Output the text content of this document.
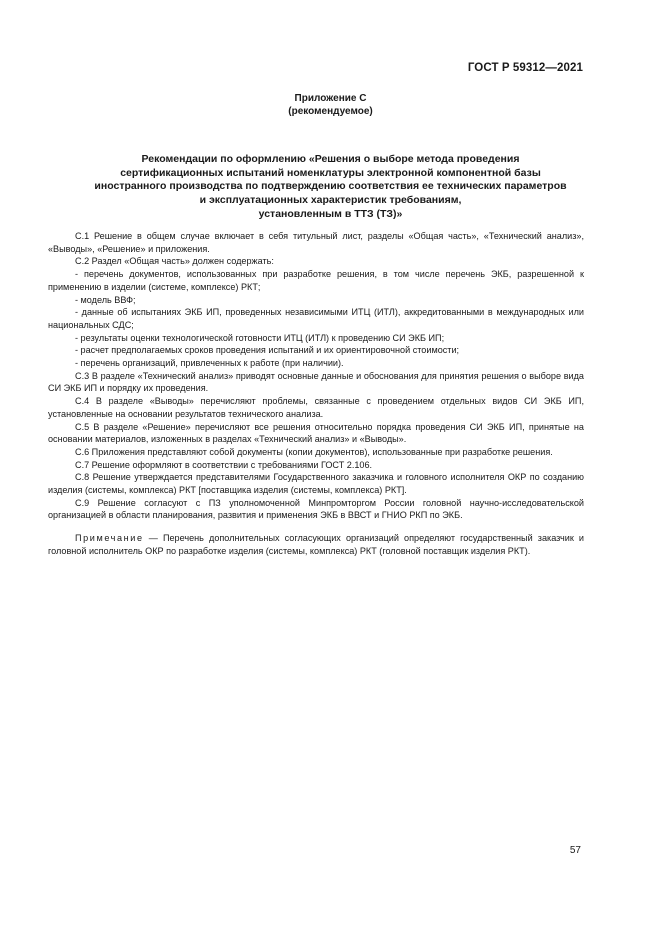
ГОСТ Р 59312—2021
Приложение С
(рекомендуемое)
Рекомендации по оформлению «Решения о выборе метода проведения
сертификационных испытаний номенклатуры электронной компонентной базы
иностранного производства по подтверждению соответствия ее технических параметров
и эксплуатационных характеристик требованиям,
установленным в ТТЗ (ТЗ)»

С.1 Решение в общем случае включает в себя титульный лист, разделы «Общая часть», «Технический анализ», «Выводы», «Решение» и приложения.

С.2 Раздел «Общая часть» должен содержать:

- перечень документов, использованных при разработке решения, в том числе перечень ЭКБ, разрешенной к применению в изделии (системе, комплексе) РКТ;

- модель ВВФ;

- данные об испытаниях ЭКБ ИП, проведенных независимыми ИТЦ (ИТЛ), аккредитованными в международных или национальных СДС;

- результаты оценки технологической готовности ИТЦ (ИТЛ) к проведению СИ ЭКБ ИП;

- расчет предполагаемых сроков проведения испытаний и их ориентировочной стоимости;

- перечень организаций, привлеченных к работе (при наличии).

С.3 В разделе «Технический анализ» приводят основные данные и обоснования для принятия решения о выборе вида СИ ЭКБ ИП и порядку их проведения.

С.4 В разделе «Выводы» перечисляют проблемы, связанные с проведением отдельных видов СИ ЭКБ ИП, установленные на основании результатов технического анализа.

С.5 В разделе «Решение» перечисляют все решения относительно порядка проведения СИ ЭКБ ИП, принятые на основании материалов, изложенных в разделах «Технический анализ» и «Выводы».

С.6 Приложения представляют собой документы (копии документов), использованные при разработке решения.

С.7 Решение оформляют в соответствии с требованиями ГОСТ 2.106.

С.8 Решение утверждается представителями Государственного заказчика и головного исполнителя ОКР по созданию изделия (системы, комплекса) РКТ [поставщика изделия (системы, комплекса) РКТ].

С.9 Решение согласуют с ПЗ уполномоченной Минпромторгом России головной научно-исследовательской организацией в области планирования, развития и применения ЭКБ в ВВСТ и ГНИО РКП по ЭКБ.

Примечание — Перечень дополнительных согласующих организаций определяют государственный заказчик и головной исполнитель ОКР по разработке изделия (системы, комплекса) РКТ (головной поставщик изделия РКТ).

57
